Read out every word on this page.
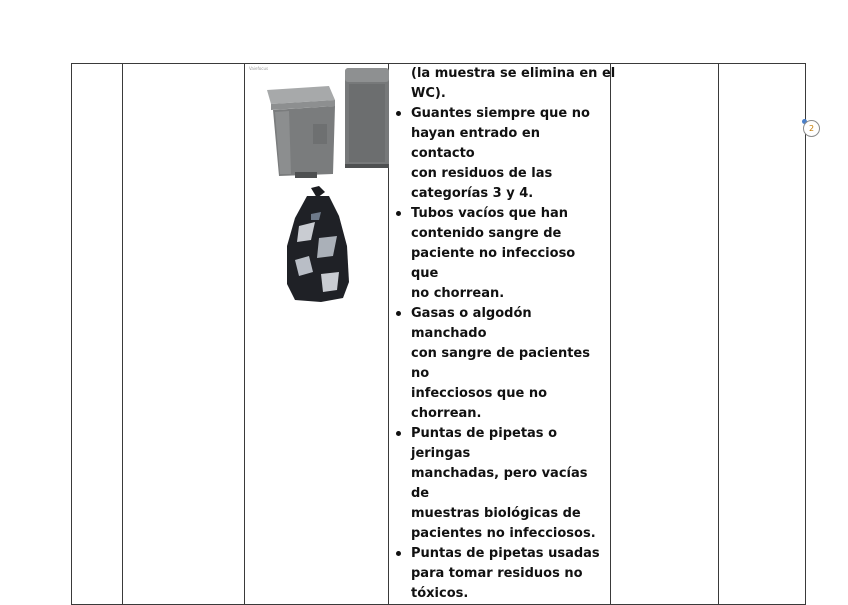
Vaiefocus	(la muestra se elimina en el
WC).
Guantes siempre que no
hayan entrado en contacto
con residuos de las
categorías 3 y 4.
Tubos vacíos que han
contenido sangre de
paciente no infeccioso que
no chorrean.
Gasas o algodón manchado
con sangre de pacientes no
infecciosos que no chorrean.
Puntas de pipetas o jeringas
manchadas, pero vacías de
muestras biológicas de
pacientes no infecciosos.
Puntas de pipetas usadas
para tomar residuos no
tóxicos.

2
